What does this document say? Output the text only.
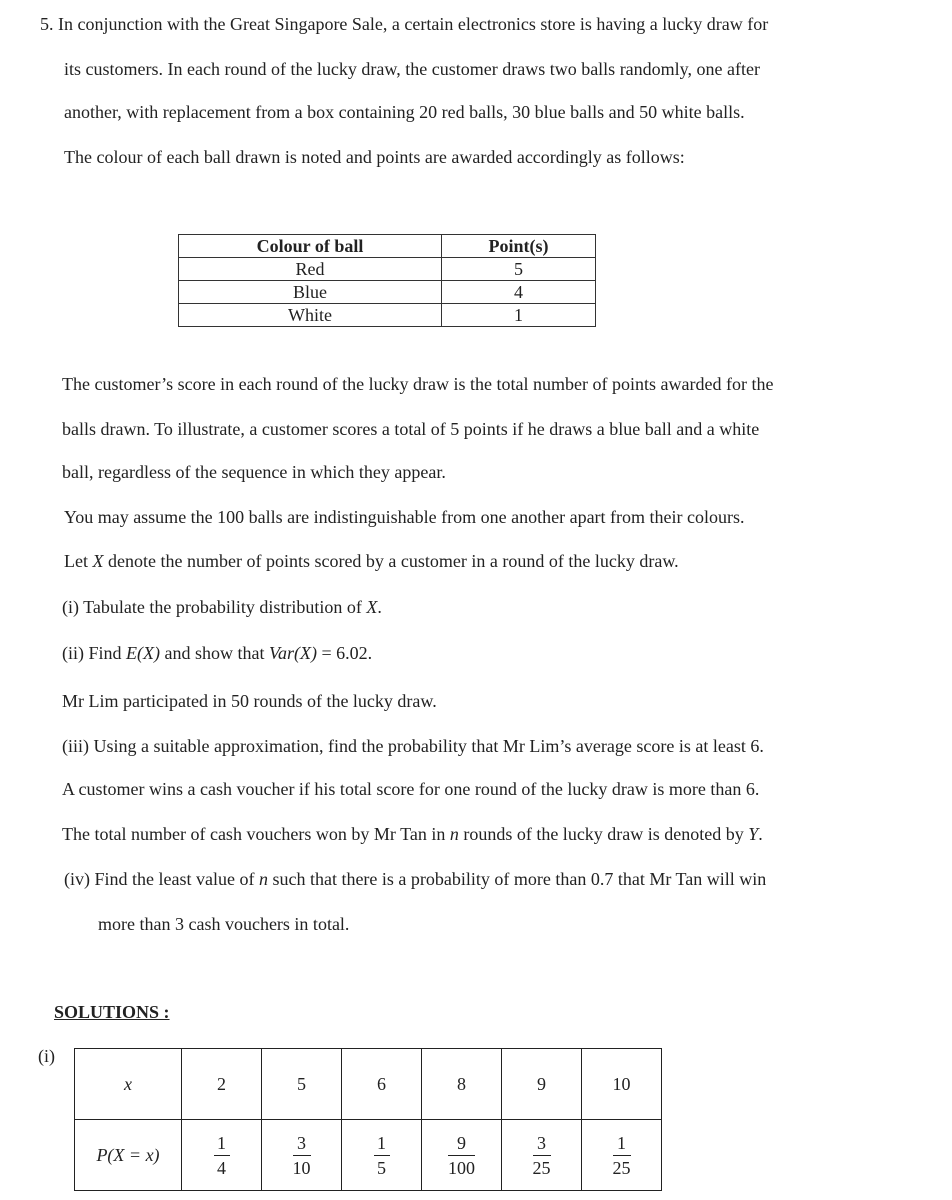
5. In conjunction with the Great Singapore Sale, a certain electronics store is having a lucky draw for
its customers. In each round of the lucky draw, the customer draws two balls randomly, one after
another, with replacement from a box containing 20 red balls, 30 blue balls and 50 white balls.
The colour of each ball drawn is noted and points are awarded accordingly as follows:
Colour of ball	Point(s)
Red	5
Blue	4
White	1
The customer’s score in each round of the lucky draw is the total number of points awarded for the
balls drawn. To illustrate, a customer scores a total of 5 points if he draws a blue ball and a white
ball, regardless of the sequence in which they appear.
You may assume the 100 balls are indistinguishable from one another apart from their colours.
Let X denote the number of points scored by a customer in a round of the lucky draw.
(i) Tabulate the probability distribution of X.
(ii) Find E(X) and show that Var(X) = 6.02.
Mr Lim participated in 50 rounds of the lucky draw.
(iii) Using a suitable approximation, find the probability that Mr Lim’s average score is at least 6.
A customer wins a cash voucher if his total score for one round of the lucky draw is more than 6.
The total number of cash vouchers won by Mr Tan in n rounds of the lucky draw is denoted by Y.
(iv) Find the least value of n such that there is a probability of more than 0.7 that Mr Tan will win
more than 3 cash vouchers in total.
SOLUTIONS :
(i)
x	2	5	6	8	9	10
P(X = x)	$\frac{1}{4}$	$\frac{3}{10}$	$\frac{1}{5}$	$\frac{9}{100}$	$\frac{3}{25}$	$\frac{1}{25}$
